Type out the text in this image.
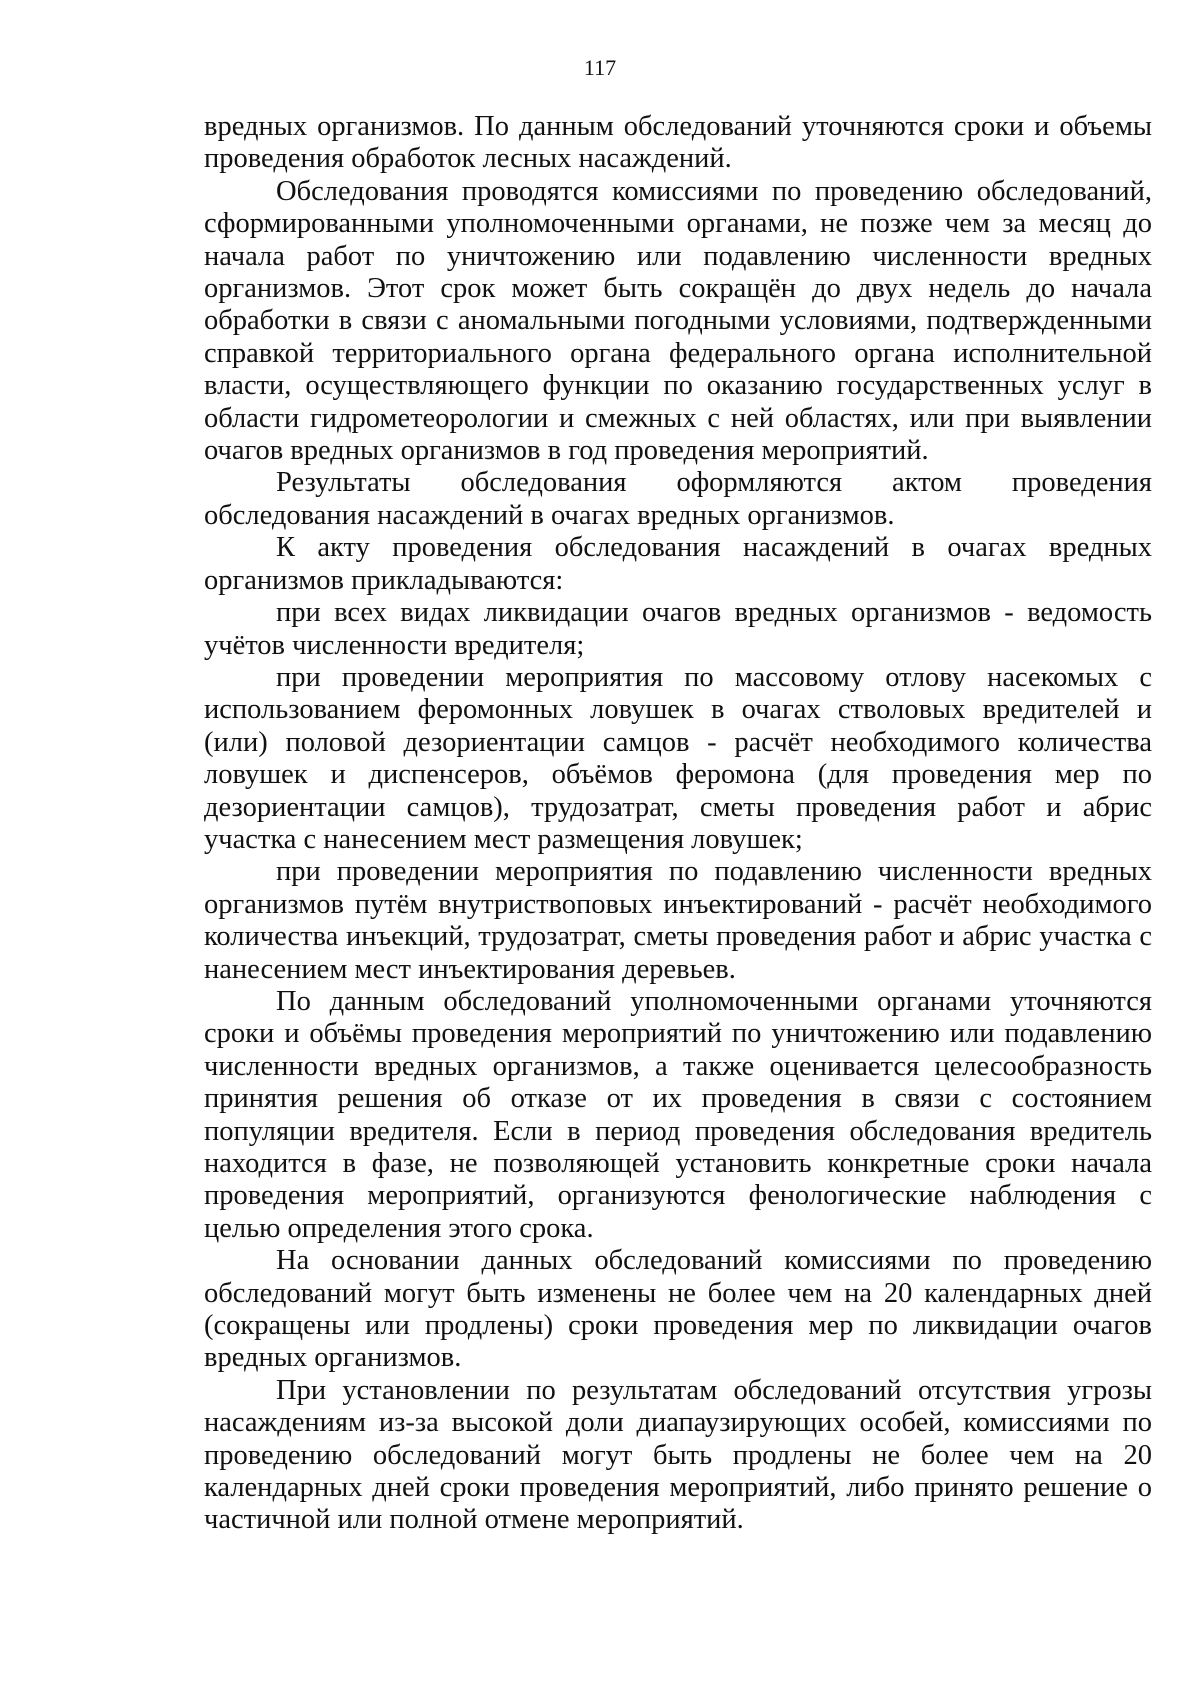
117

вредных организмов. По данным обследований уточняются сроки и объемы проведения обработок лесных насаждений.

Обследования проводятся комиссиями по проведению обследований, сформированными уполномоченными органами, не позже чем за месяц до начала работ по уничтожению или подавлению численности вредных организмов. Этот срок может быть сокращён до двух недель до начала обработки в связи с аномальными погодными условиями, подтвержденными справкой территориального органа федерального органа исполнительной власти, осуществляющего функции по оказанию государственных услуг в области гидрометеорологии и смежных с ней областях, или при выявлении очагов вредных организмов в год проведения мероприятий.

Результаты обследования оформляются актом проведения обследования насаждений в очагах вредных организмов.

К акту проведения обследования насаждений в очагах вредных организмов прикладываются:

при всех видах ликвидации очагов вредных организмов - ведомость учётов численности вредителя;

при проведении мероприятия по массовому отлову насекомых с использованием феромонных ловушек в очагах стволовых вредителей и (или) половой дезориентации самцов - расчёт необходимого количества ловушек и диспенсеров, объёмов феромона (для проведения мер по дезориентации самцов), трудозатрат, сметы проведения работ и абрис участка с нанесением мест размещения ловушек;

при проведении мероприятия по подавлению численности вредных организмов путём внутриствоповых инъектирований - расчёт необходимого количества инъекций, трудозатрат, сметы проведения работ и абрис участка с нанесением мест инъектирования деревьев.

По данным обследований уполномоченными органами уточняются сроки и объёмы проведения мероприятий по уничтожению или подавлению численности вредных организмов, а также оценивается целесообразность принятия решения об отказе от их проведения в связи с состоянием популяции вредителя. Если в период проведения обследования вредитель находится в фазе, не позволяющей установить конкретные сроки начала проведения мероприятий, организуются фенологические наблюдения с целью определения этого срока.

На основании данных обследований комиссиями по проведению обследований могут быть изменены не более чем на 20 календарных дней (сокращены или продлены) сроки проведения мер по ликвидации очагов вредных организмов.

При установлении по результатам обследований отсутствия угрозы насаждениям из-за высокой доли диапаузирующих особей, комиссиями по проведению обследований могут быть продлены не более чем на 20 календарных дней сроки проведения мероприятий, либо принято решение о частичной или полной отмене мероприятий.
